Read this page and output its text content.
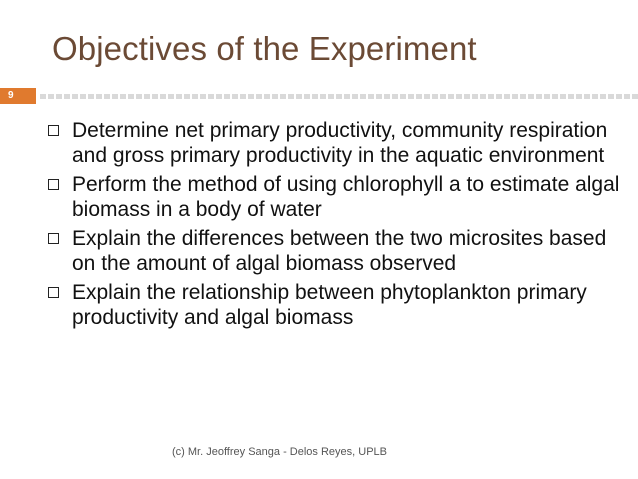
Objectives of the Experiment
9
Determine net primary productivity, community respiration and gross primary productivity in the aquatic environment
Perform the method of using chlorophyll a to estimate algal biomass in a body of water
Explain the differences between the two microsites based on the amount of algal biomass observed
Explain the relationship between phytoplankton primary productivity and algal biomass
(c) Mr. Jeoffrey Sanga - Delos Reyes, UPLB
